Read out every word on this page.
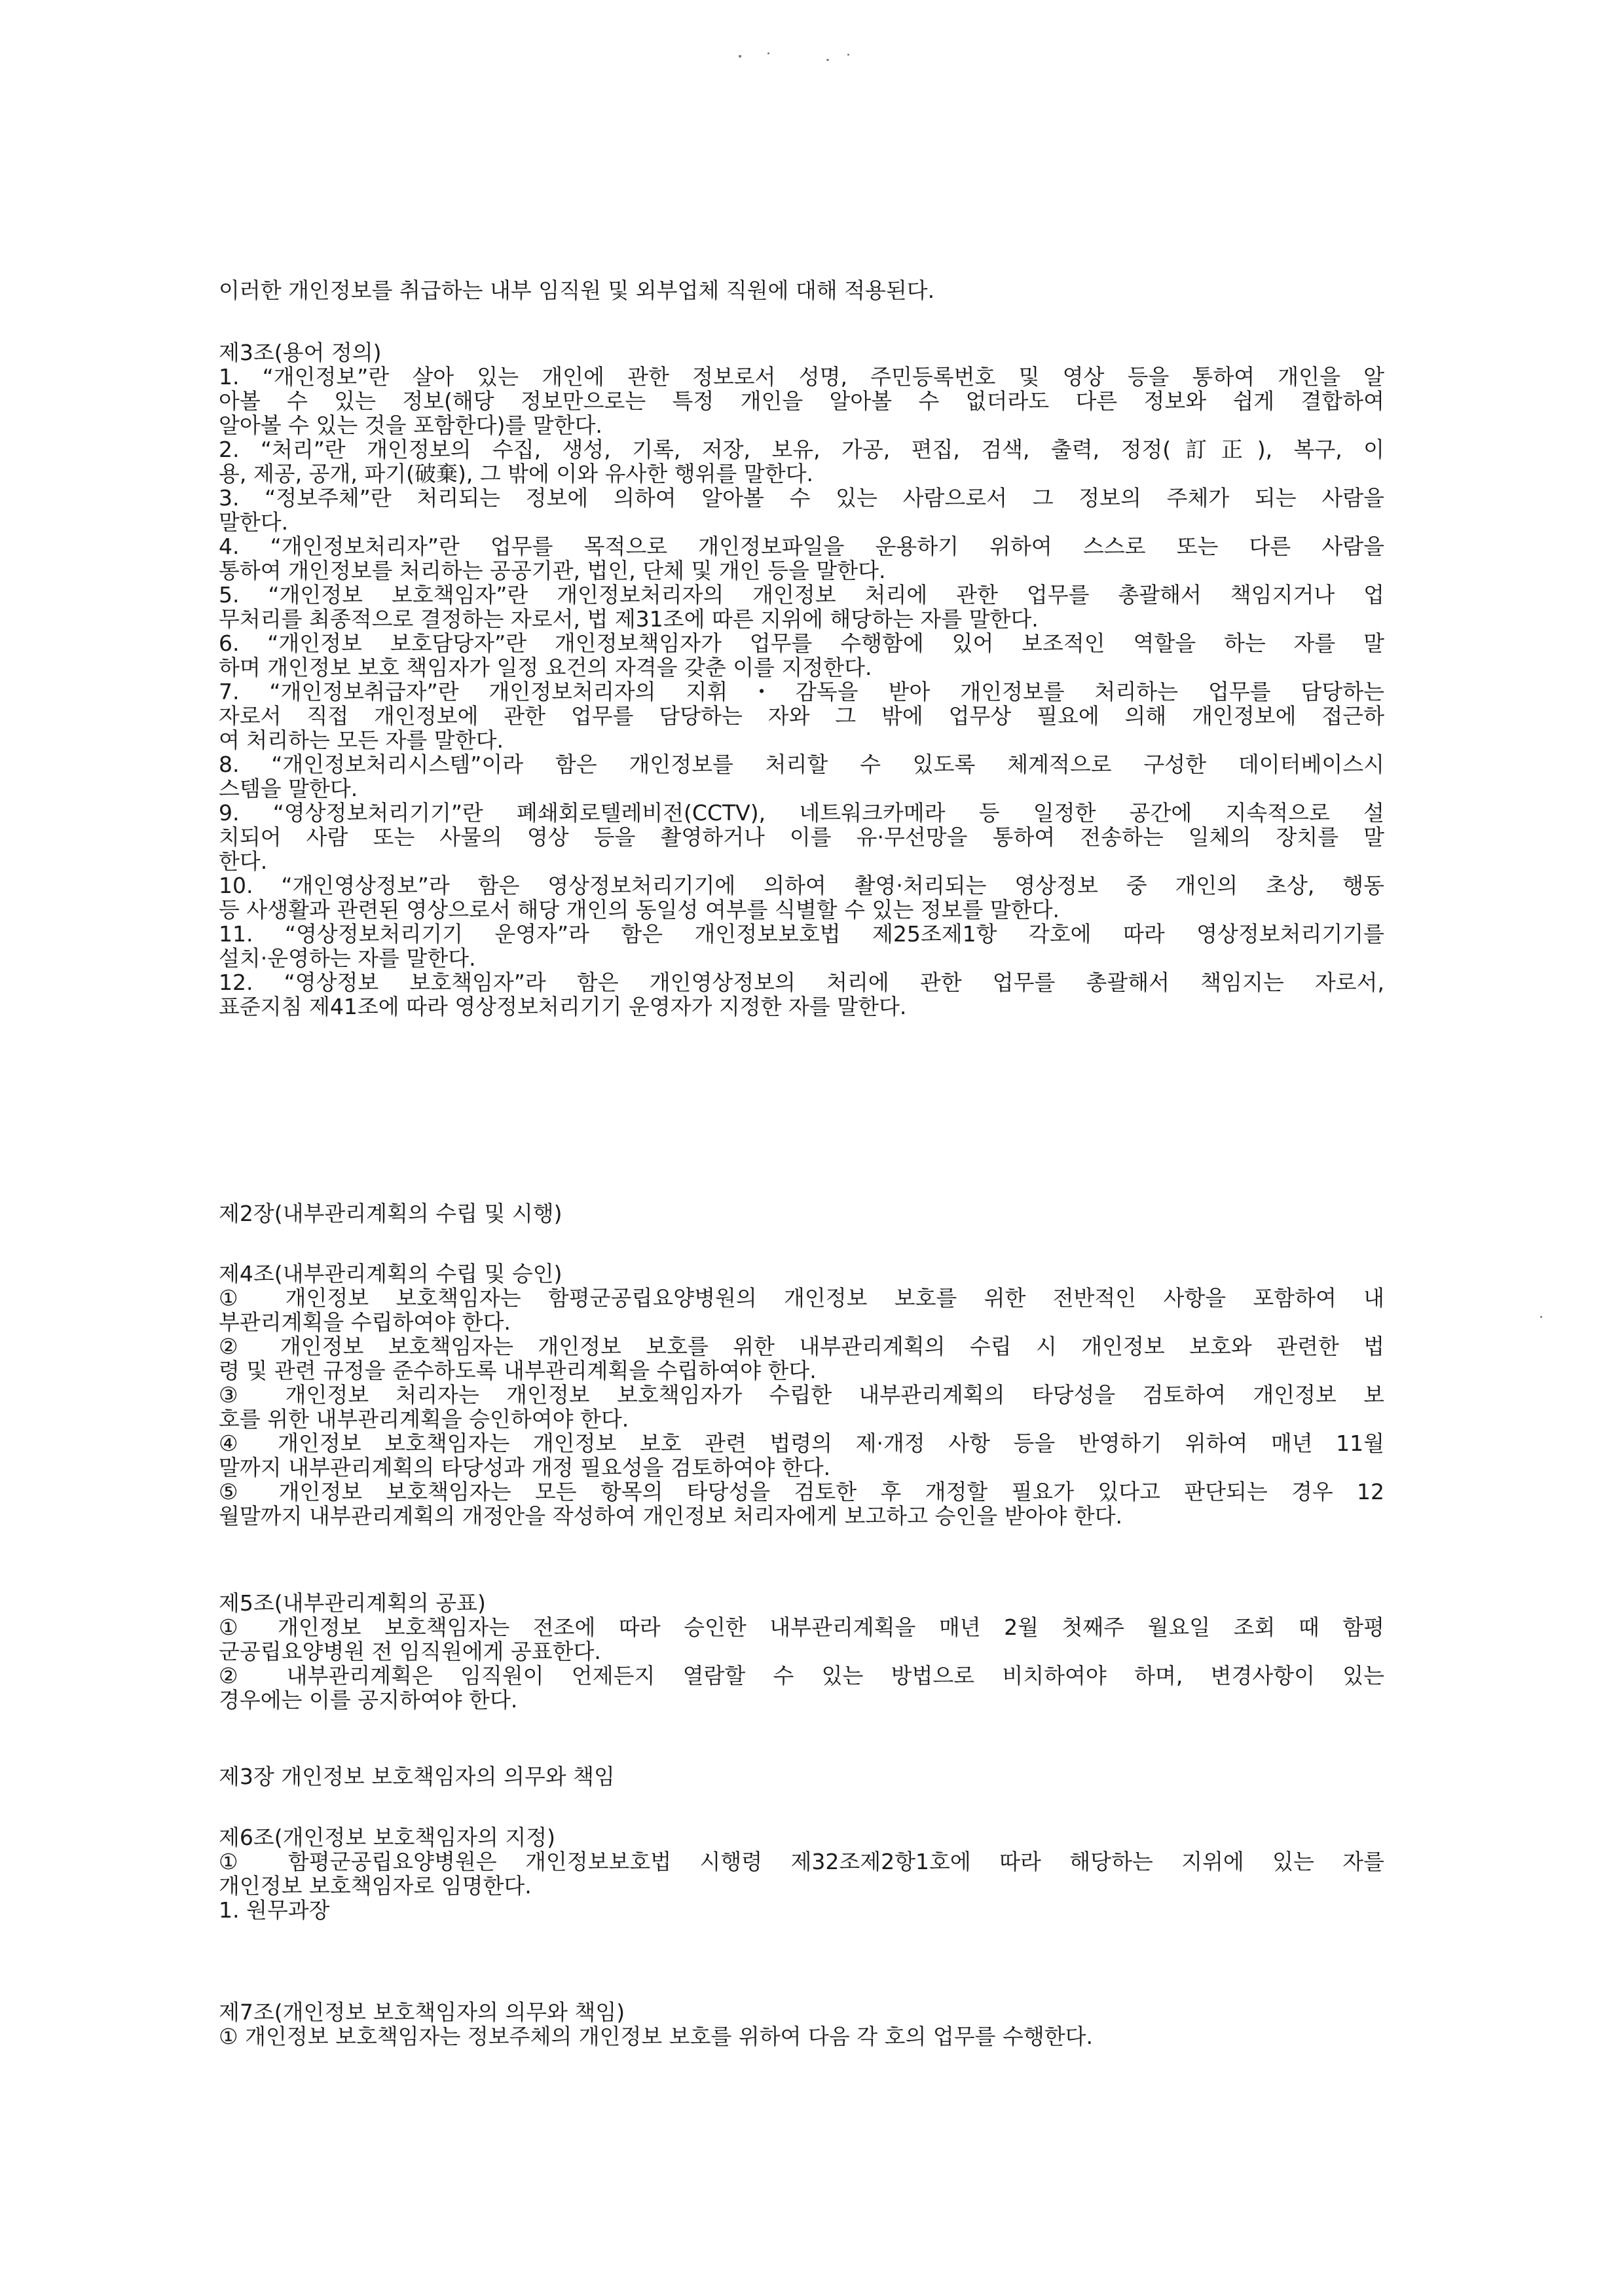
이러한 개인정보를 취급하는 내부 임직원 및 외부업체 직원에 대해 적용된다.
제3조(용어 정의)
1. “개인정보”란 살아 있는 개인에 관한 정보로서 성명, 주민등록번호 및 영상 등을 통하여 개인을 알
아볼 수 있는 정보(해당 정보만으로는 특정 개인을 알아볼 수 없더라도 다른 정보와 쉽게 결합하여
알아볼 수 있는 것을 포함한다)를 말한다.
2. “처리”란 개인정보의 수집, 생성, 기록, 저장, 보유, 가공, 편집, 검색, 출력, 정정(訂正), 복구, 이
용, 제공, 공개, 파기(破棄), 그 밖에 이와 유사한 행위를 말한다.
3. “정보주체”란 처리되는 정보에 의하여 알아볼 수 있는 사람으로서 그 정보의 주체가 되는 사람을
말한다.
4. “개인정보처리자”란 업무를 목적으로 개인정보파일을 운용하기 위하여 스스로 또는 다른 사람을
통하여 개인정보를 처리하는 공공기관, 법인, 단체 및 개인 등을 말한다.
5. “개인정보 보호책임자”란 개인정보처리자의 개인정보 처리에 관한 업무를 총괄해서 책임지거나 업
무처리를 최종적으로 결정하는 자로서, 법 제31조에 따른 지위에 해당하는 자를 말한다.
6. “개인정보 보호담당자”란 개인정보책임자가 업무를 수행함에 있어 보조적인 역할을 하는 자를 말
하며 개인정보 보호 책임자가 일정 요건의 자격을 갖춘 이를 지정한다.
7. “개인정보취급자”란 개인정보처리자의 지휘・감독을 받아 개인정보를 처리하는 업무를 담당하는
자로서 직접 개인정보에 관한 업무를 담당하는 자와 그 밖에 업무상 필요에 의해 개인정보에 접근하
여 처리하는 모든 자를 말한다.
8. “개인정보처리시스템”이라 함은 개인정보를 처리할 수 있도록 체계적으로 구성한 데이터베이스시
스템을 말한다.
9. “영상정보처리기기”란 폐쇄회로텔레비전(CCTV), 네트워크카메라 등 일정한 공간에 지속적으로 설
치되어 사람 또는 사물의 영상 등을 촬영하거나 이를 유·무선망을 통하여 전송하는 일체의 장치를 말
한다.
10. “개인영상정보”라 함은 영상정보처리기기에 의하여 촬영·처리되는 영상정보 중 개인의 초상, 행동
등 사생활과 관련된 영상으로서 해당 개인의 동일성 여부를 식별할 수 있는 정보를 말한다.
11. “영상정보처리기기 운영자”라 함은 개인정보보호법 제25조제1항 각호에 따라 영상정보처리기기를
설치·운영하는 자를 말한다.
12. “영상정보 보호책임자”라 함은 개인영상정보의 처리에 관한 업무를 총괄해서 책임지는 자로서,
표준지침 제41조에 따라 영상정보처리기기 운영자가 지정한 자를 말한다.
제2장(내부관리계획의 수립 및 시행)
제4조(내부관리계획의 수립 및 승인)
① 개인정보 보호책임자는 함평군공립요양병원의 개인정보 보호를 위한 전반적인 사항을 포함하여 내
부관리계획을 수립하여야 한다.
② 개인정보 보호책임자는 개인정보 보호를 위한 내부관리계획의 수립 시 개인정보 보호와 관련한 법
령 및 관련 규정을 준수하도록 내부관리계획을 수립하여야 한다.
③ 개인정보 처리자는 개인정보 보호책임자가 수립한 내부관리계획의 타당성을 검토하여 개인정보 보
호를 위한 내부관리계획을 승인하여야 한다.
④ 개인정보 보호책임자는 개인정보 보호 관련 법령의 제·개정 사항 등을 반영하기 위하여 매년 11월
말까지 내부관리계획의 타당성과 개정 필요성을 검토하여야 한다.
⑤ 개인정보 보호책임자는 모든 항목의 타당성을 검토한 후 개정할 필요가 있다고 판단되는 경우 12
월말까지 내부관리계획의 개정안을 작성하여 개인정보 처리자에게 보고하고 승인을 받아야 한다.
제5조(내부관리계획의 공표)
① 개인정보 보호책임자는 전조에 따라 승인한 내부관리계획을 매년 2월 첫째주 월요일 조회 때 함평
군공립요양병원 전 임직원에게 공표한다.
② 내부관리계획은 임직원이 언제든지 열람할 수 있는 방법으로 비치하여야 하며, 변경사항이 있는
경우에는 이를 공지하여야 한다.
제3장 개인정보 보호책임자의 의무와 책임
제6조(개인정보 보호책임자의 지정)
① 함평군공립요양병원은 개인정보보호법 시행령 제32조제2항1호에 따라 해당하는 지위에 있는 자를
개인정보 보호책임자로 임명한다.
1. 원무과장
제7조(개인정보 보호책임자의 의무와 책임)
① 개인정보 보호책임자는 정보주체의 개인정보 보호를 위하여 다음 각 호의 업무를 수행한다.
